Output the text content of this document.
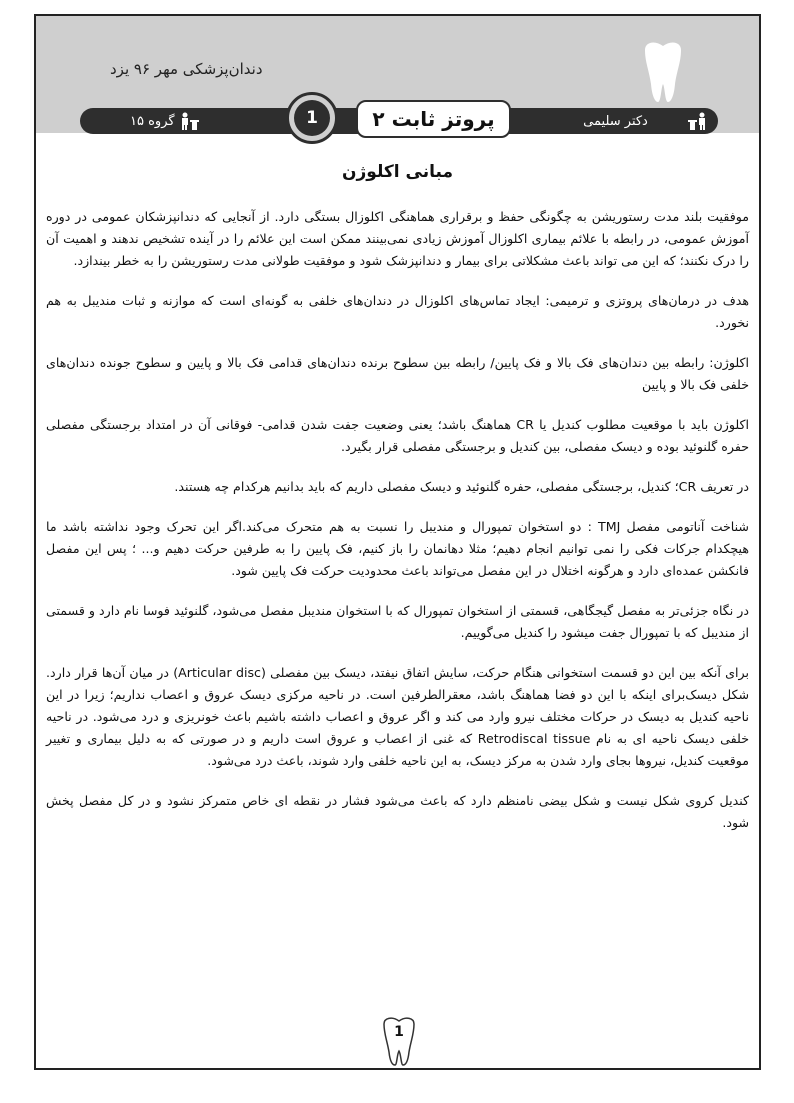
دندان‌پزشکی مهر ۹۶ یزد
دکتر سلیمی
گروه ۱۵	1	پروتز ثابت ۲
مبانی اکلوژن

موفقیت بلند مدت رستوریشن به چگونگی حفظ و برقراری هماهنگی اکلوزال بستگی دارد. از آنجایی که دندانپزشکان عمومی در دوره آموزش عمومی، در رابطه با علائم بیماری اکلوزال آموزش زیادی نمی‌بینند ممکن است این علائم را در آینده تشخیص ندهند و اهمیت آن را درک نکنند؛ که این می تواند باعث مشکلاتی برای بیمار و دندانپزشک شود و موفقیت طولانی مدت رستوریشن را به خطر بیندازد.

هدف در درمان‌های پروتزی و ترمیمی: ایجاد تماس‌های اکلوزال در دندان‌های خلفی به گونه‌ای است که موازنه و ثبات مندیبل به هم نخورد.

اکلوژن: رابطه بین دندان‌های فک بالا و فک پایین/ رابطه بین سطوح برنده دندان‌های قدامی فک بالا و پایین و سطوح جونده دندان‌های خلفی فک بالا و پایین

اکلوژن باید با موقعیت مطلوب کندیل یا CR هماهنگ باشد؛ یعنی وضعیت جفت شدن قدامی- فوقانی آن در امتداد برجستگی مفصلی حفره گلنوئید بوده و دیسک مفصلی، بین کندیل و برجستگی مفصلی قرار بگیرد.

در تعریف CR؛ کندیل، برجستگی مفصلی، حفره گلنوئید و دیسک مفصلی داریم که باید بدانیم هرکدام چه هستند.

شناخت آناتومی مفصل TMJ : دو استخوان تمپورال و مندیبل را نسبت به هم متحرک می‌کند.اگر این تحرک وجود نداشته باشد ما هیچکدام جرکات فکی را نمی توانیم انجام دهیم؛ مثلا دهانمان را باز کنیم، فک پایین را به طرفین حرکت دهیم و... ؛ پس این مفصل فانکشن عمده‌ای دارد و هرگونه اختلال در این مفصل می‌تواند باعث محدودیت حرکت فک پایین شود.

در نگاه جزئی‌تر به مفصل گیجگاهی، قسمتی از استخوان تمپورال که با استخوان مندیبل مفصل می‌شود، گلنوئید فوسا نام دارد و قسمتی از مندیبل که با تمپورال جفت میشود را کندیل می‌گوییم.

برای آنکه بین این دو قسمت استخوانی هنگام حرکت، سایش اتفاق نیفتد، دیسک بین مفصلی (Articular disc) در میان آن‌ها قرار دارد. شکل دیسک‌برای اینکه با این دو فضا هماهنگ باشد، معقرالطرفین است. در ناحیه مرکزی دیسک عروق و اعصاب نداریم؛ زیرا در این ناحیه کندیل به دیسک در حرکات مختلف نیرو وارد می کند و اگر عروق و اعصاب داشته باشیم باعث خونریزی و درد می‌شود. در ناحیه خلفی دیسک ناحیه ای به نام Retrodiscal tissue که غنی از اعصاب و عروق است داریم و در صورتی که به دلیل بیماری و تغییر موقعیت کندیل، نیروها بجای وارد شدن به مرکز دیسک، به این ناحیه خلفی وارد شوند، باعث درد می‌شود.

کندیل کروی شکل نیست و شکل بیضی نامنظم دارد که باعث می‌شود فشار در نقطه ای خاص متمرکز نشود و در کل مفصل پخش شود.

1
